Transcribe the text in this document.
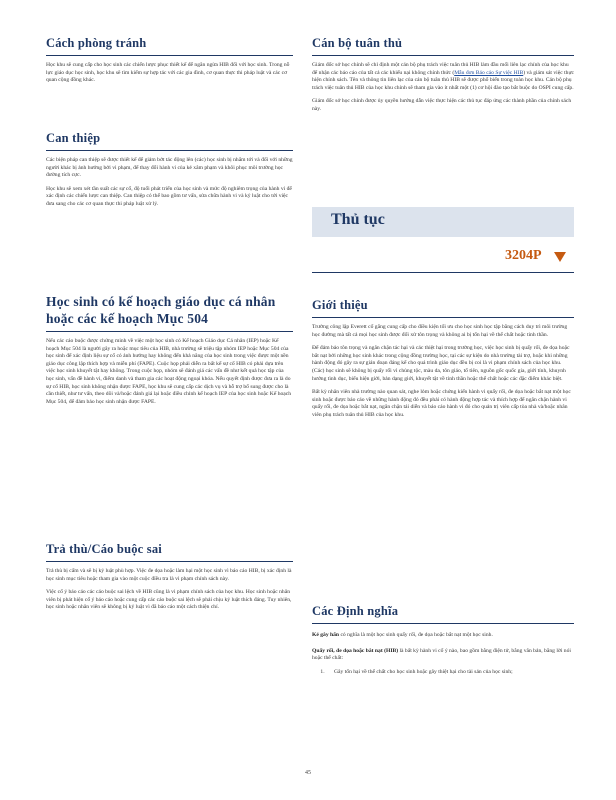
Cách phòng tránh

Học khu sẽ cung cấp cho học sinh các chiến lược phục thiết kế để ngăn ngừa HIB đối với học sinh. Trong nỗ lực giáo dục học sinh, học khu sẽ tìm kiếm sự hợp tác với các gia đình, cơ quan thực thi pháp luật và các cơ quan cộng đồng khác.

Can thiệp

Các biện pháp can thiệp sẽ được thiết kế để giảm bớt tác động lên (các) học sinh bị nhắm tới và đối với những người khác bị ảnh hưởng bởi vi phạm, để thay đổi hành vi của kẻ xâm phạm và khôi phục môi trường học đường tích cực.

Học khu sẽ xem xét tần suất các sự cố, độ tuổi phát triển của học sinh và mức độ nghiêm trọng của hành vi để xác định các chiến lược can thiệp. Can thiệp có thể bao gồm tư vấn, sửa chữa hành vi và kỷ luật cho tới việc đưa sang cho các cơ quan thực thi pháp luật xử lý.

Học sinh có kế hoạch giáo dục cá nhân hoặc các kế hoạch Mục 504

Nếu các cáo buộc được chứng minh về việc một học sinh có Kế hoạch Giáo dục Cá nhân (IEP) hoặc Kế hoạch Mục 504 là người gây ra hoặc mục tiêu của HIB, nhà trường sẽ triệu tập nhóm IEP hoặc Mục 504 của học sinh để xác định liệu sự cố có ảnh hưởng hay không đến khả năng của học sinh trong việc được một nền giáo dục công lập thích hợp và miễn phí (FAPE). Cuộc họp phải diễn ra bất kể sự cố HIB có phải dựa trên việc học sinh khuyết tật hay không. Trong cuộc họp, nhóm sẽ đánh giá các vấn đề như kết quả học tập của học sinh, vấn đề hành vi, điểm danh và tham gia các hoạt động ngoại khóa. Nếu quyết định được đưa ra là do sự cố HIB, học sinh không nhận được FAPE, học khu sẽ cung cấp các dịch vụ và hỗ trợ bổ sung được cho là cần thiết, như tư vấn, theo dõi và/hoặc đánh giá lại hoặc điều chỉnh kế hoạch IEP của học sinh hoặc Kế hoạch Mục 504, để đảm bảo học sinh nhận được FAPE.

Trả thù/Cáo buộc sai

Trả thù bị cấm và sẽ bị kỷ luật phù hợp. Việc đe dọa hoặc làm hại một học sinh vì báo cáo HIB, bị xác định là học sinh mục tiêu hoặc tham gia vào một cuộc điều tra là vi phạm chính sách này.

Việc cố ý báo cáo các cáo buộc sai lệch về HIB cũng là vi phạm chính sách của học khu. Học sinh hoặc nhân viên bị phát hiện cố ý báo cáo hoặc cung cấp các cáo buộc sai lệch sẽ phải chịu kỷ luật thích đáng. Tuy nhiên, học sinh hoặc nhân viên sẽ không bị kỷ luật vì đã báo cáo một cách thiện chí.

Cán bộ tuân thủ

Giám đốc sở học chính sẽ chỉ định một cán bộ phụ trách việc tuân thủ HIB làm đầu mối liên lạc chính của học khu để nhận các báo cáo của tất cả các khiếu nại không chính thức (Mẫu đơn Báo cáo Sự việc HIB) và giám sát việc thực hiện chính sách. Tên và thông tin liên lạc của cán bộ tuân thủ HIB sẽ được phổ biến trong toàn học khu. Cán bộ phụ trách việc tuân thủ HIB của học khu chính sẽ tham gia vào ít nhất một (1) cơ hội đào tạo bắt buộc do OSPI cung cấp.

Giám đốc sở học chính được ủy quyền hướng dẫn việc thực hiện các thủ tục đáp ứng các thành phần của chính sách này.

Thủ tục
3204P
Giới thiệu

Trường công lập Everett cố gắng cung cấp cho điều kiện tối ưu cho học sinh học tập bằng cách duy trì môi trường học đường mà tất cả mọi học sinh được đối xử tôn trọng và không ai bị tổn hại về thể chất hoặc tinh thần.

Để đảm bảo tôn trọng và ngăn chặn tác hại và các thiệt hại trong trường học, việc học sinh bị quấy rối, đe dọa hoặc bắt nạt bởi những học sinh khác trong cộng đồng trường học, tại các sự kiện do nhà trường tài trợ, hoặc khi những hành động đó gây ra sự gián đoạn đáng kể cho quá trình giáo dục đều bị coi là vi phạm chính sách của học khu. (Các) học sinh sẽ không bị quấy rối vì chủng tộc, màu da, tôn giáo, tổ tiên, nguồn gốc quốc gia, giới tính, khuynh hướng tình dục, biểu hiện giới, bản dạng giới, khuyết tật về tinh thần hoặc thể chất hoặc các đặc điểm khác biệt.

Bất kỳ nhân viên nhà trường nào quan sát, nghe lỏm hoặc chứng kiến hành vi quấy rối, đe dọa hoặc bắt nạt một học sinh hoặc được báo cáo về những hành động đó đều phải có hành động hợp tác và thích hợp để ngăn chặn hành vi quấy rối, đe dọa hoặc bắt nạt, ngăn chặn tái diễn và báo cáo hành vi đó cho quản trị viên cấp tòa nhà và/hoặc nhân viên phụ trách tuân thủ HIB của học khu.

Các Định nghĩa

Kẻ gây hấn có nghĩa là một học sinh quấy rối, đe dọa hoặc bắt nạt một học sinh.

Quấy rối, đe dọa hoặc bắt nạt (HIB) là bất kỳ hành vi cố ý nào, bao gồm bằng điện tử, bằng văn bản, bằng lời nói hoặc thể chất:

1. Gây tổn hại về thể chất cho học sinh hoặc gây thiệt hại cho tài sản của học sinh;
45
